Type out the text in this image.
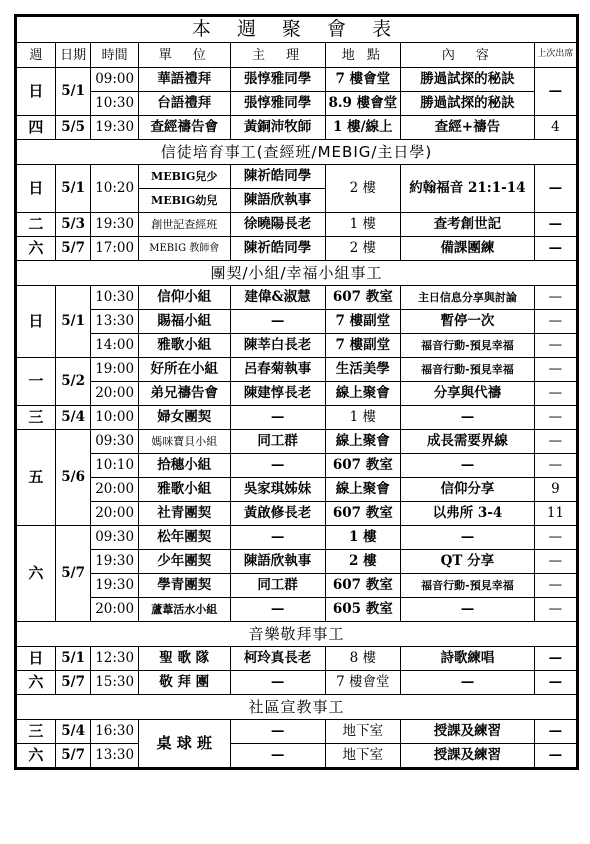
本 週 聚 會 表							
週	日期	時間	單　位	主　理	地 點	內　容	上次出席
日	5/1	09:00	華語禮拜	張惇雅同學	7 樓會堂	勝過試探的秘訣	—
		10:30	台語禮拜	張惇雅同學	8.9 樓會堂	勝過試探的秘訣	
四	5/5	19:30	查經禱告會	黃銅沛牧師	1 樓/線上	查經+禱告	4
信徒培育事工(查經班/MEBIG/主日學)							
日	5/1	10:20	MEBIG兒少	陳祈皓同學	2 樓	約翰福音 21:1-14	—
			MEBIG幼兒	陳語欣執事			
二	5/3	19:30	創世記查經班	徐曉陽長老	1 樓	查考創世記	—
六	5/7	17:00	MEBIG 教師會	陳祈皓同學	2 樓	備課團練	—
團契/小組/幸福小組事工							
日	5/1	10:30	信仰小組	建偉&淑慧	607 教室	主日信息分享與討論	—
		13:30	賜福小組	—	7 樓副堂	暫停一次	—
		14:00	雅歌小組	陳莘白長老	7 樓副堂	福音行動-預見幸福	—
一	5/2	19:00	好所在小組	呂春菊執事	生活美學	福音行動-預見幸福	—
		20:00	弟兄禱告會	陳建惇長老	線上聚會	分享與代禱	—
三	5/4	10:00	婦女團契	—	1 樓	—	—
五	5/6	09:30	媽咪寶貝小組	同工群	線上聚會	成長需要界線	—
		10:10	拾穗小組	—	607 教室	—	—
		20:00	雅歌小組	吳家琪姊妹	線上聚會	信仰分享	9
		20:00	社青團契	黃啟修長老	607 教室	以弗所 3-4	11
六	5/7	09:30	松年團契	—	1 樓	—	—
		19:30	少年團契	陳語欣執事	2 樓	QT 分享	—
		19:30	學青團契	同工群	607 教室	福音行動-預見幸福	—
		20:00	蘆葦活水小組	—	605 教室	—	—
音樂敬拜事工							
日	5/1	12:30	聖 歌 隊	柯玲真長老	8 樓	詩歌練唱	—
六	5/7	15:30	敬 拜 團	—	7 樓會堂	—	—
社區宣教事工							
三	5/4	16:30	桌 球 班	—	地下室	授課及練習	—
六	5/7	13:30		—	地下室	授課及練習	—
